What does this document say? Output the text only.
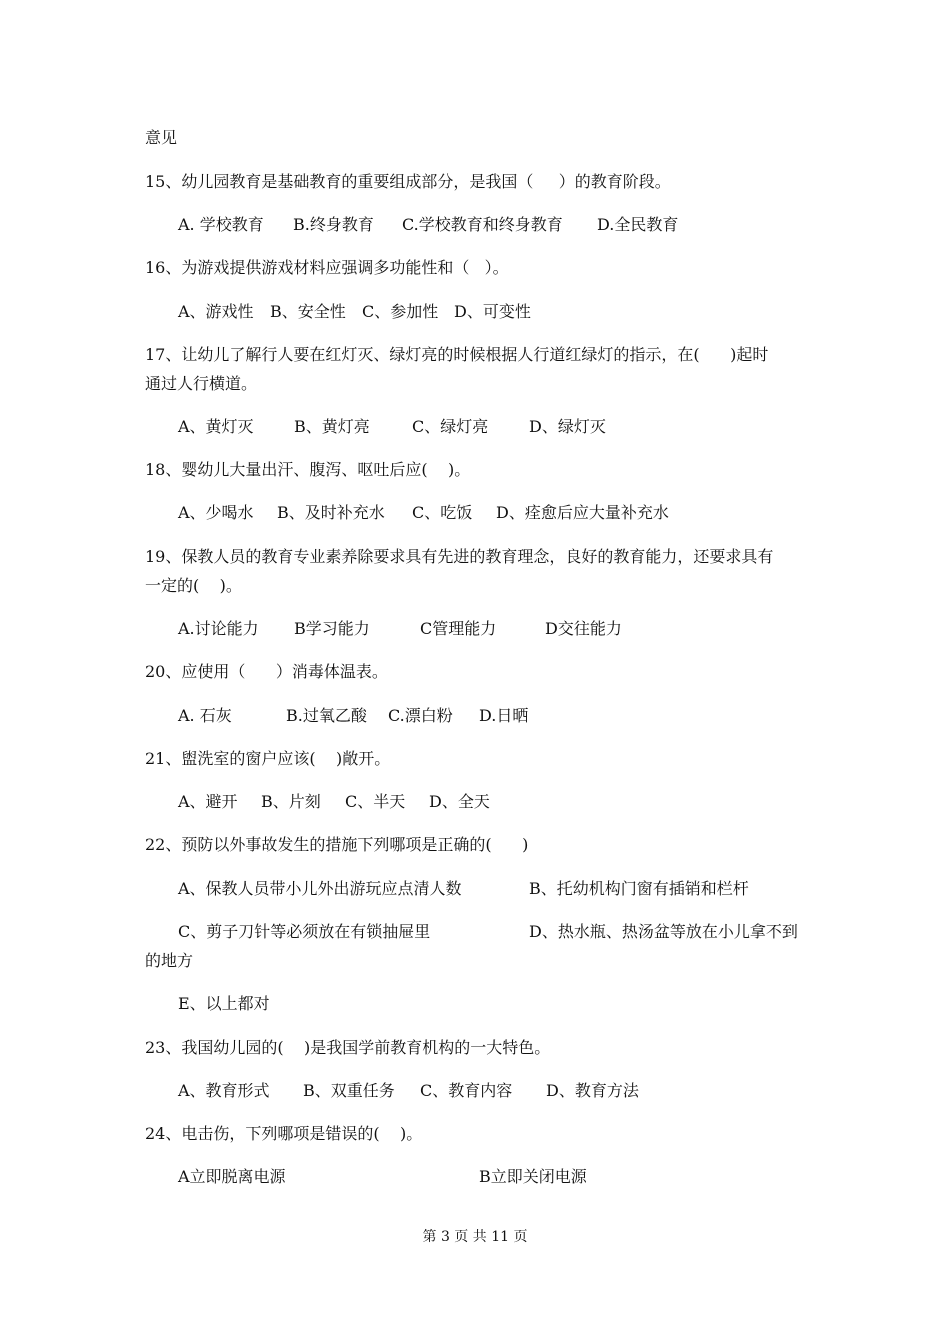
意见
15、幼儿园教育是基础教育的重要组成部分，是我国（     ）的教育阶段。
A. 学校教育 B.终身教育 C.学校教育和终身教育 D.全民教育
16、为游戏提供游戏材料应强调多功能性和（   ）。
A、游戏性 B、安全性 C、参加性 D、可变性
17、让幼儿了解行人要在红灯灭、绿灯亮的时候根据人行道红绿灯的指示，在(      )起时
通过人行横道。
A、黄灯灭	B、黄灯亮	C、绿灯亮	D、绿灯灭
18、婴幼儿大量出汗、腹泻、呕吐后应(    )。
A、少喝水 B、及时补充水 C、吃饭 D、痊愈后应大量补充水
19、保教人员的教育专业素养除要求具有先进的教育理念，良好的教育能力，还要求具有
一定的(    )。
A.讨论能力 B学习能力	C管理能力	D交往能力
20、应使用（      ）消毒体温表。
A. 石灰	B.过氧乙酸 C.漂白粉 D.日晒
21、盥洗室的窗户应该(    )敞开。
A、避开 B、片刻 C、半天 D、全天
22、预防以外事故发生的措施下列哪项是正确的(      )
A、保教人员带小儿外出游玩应点清人数	B、托幼机构门窗有插销和栏杆
C、剪子刀针等必须放在有锁抽屉里	D、热水瓶、热汤盆等放在小儿拿不到
的地方
E、以上都对
23、我国幼儿园的(    )是我国学前教育机构的一大特色。
A、教育形式 B、双重任务 C、教育内容 D、教育方法
24、电击伤，下列哪项是错误的(    )。
A立即脱离电源	B立即关闭电源
第 3 页 共 11 页
